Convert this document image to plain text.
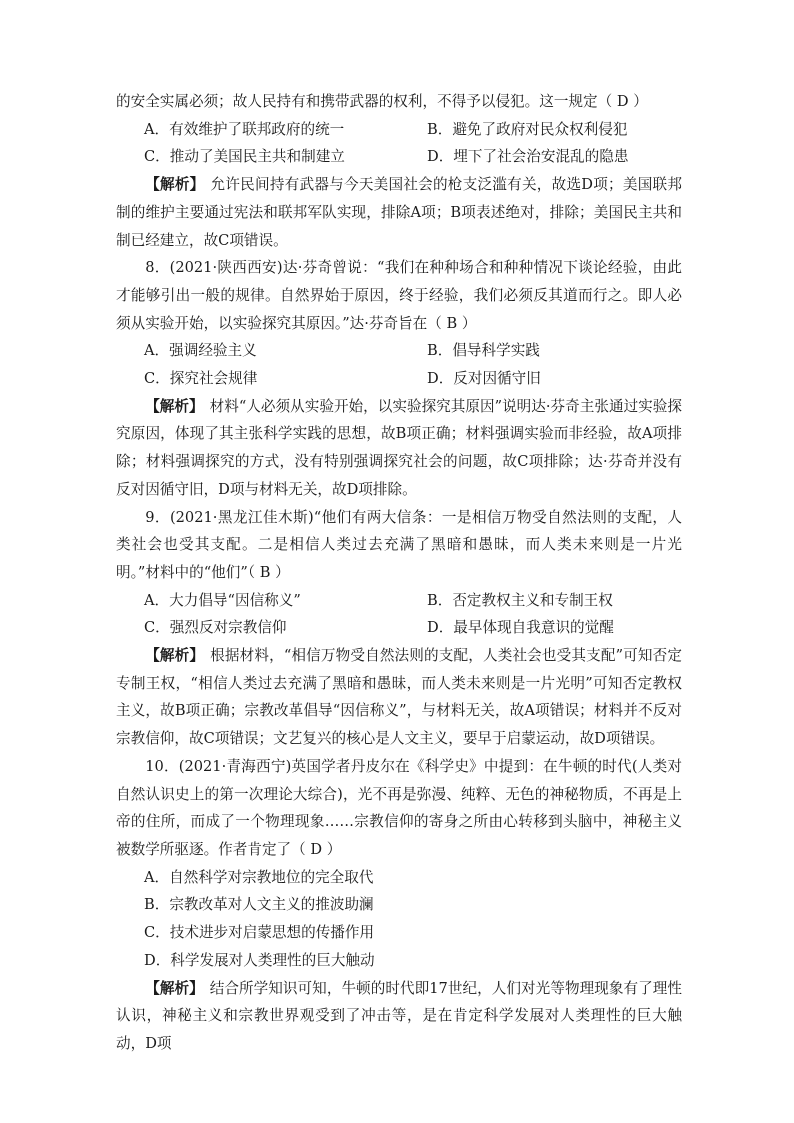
的安全实属必须；故人民持有和携带武器的权利，不得予以侵犯。这一规定（ D ）

A．有效维护了联邦政府的统一	B．避免了政府对民众权利侵犯
C．推动了美国民主共和制建立	D．埋下了社会治安混乱的隐患

【解析】 允许民间持有武器与今天美国社会的枪支泛滥有关，故选D项；美国联邦制的维护主要通过宪法和联邦军队实现，排除A项；B项表述绝对，排除；美国民主共和制已经建立，故C项错误。

8．(2021·陕西西安)达·芬奇曾说：“我们在种种场合和种种情况下谈论经验，由此才能够引出一般的规律。自然界始于原因，终于经验，我们必须反其道而行之。即人必须从实验开始，以实验探究其原因。”达·芬奇旨在（ B ）

A．强调经验主义	B．倡导科学实践
C．探究社会规律	D．反对因循守旧

【解析】 材料“人必须从实验开始，以实验探究其原因”说明达·芬奇主张通过实验探究原因，体现了其主张科学实践的思想，故B项正确；材料强调实验而非经验，故A项排除；材料强调探究的方式，没有特别强调探究社会的问题，故C项排除；达·芬奇并没有反对因循守旧，D项与材料无关，故D项排除。

9．(2021·黑龙江佳木斯)“他们有两大信条：一是相信万物受自然法则的支配，人类社会也受其支配。二是相信人类过去充满了黑暗和愚昧，而人类未来则是一片光明。”材料中的“他们”（ B ）

A．大力倡导“因信称义”	B．否定教权主义和专制王权
C．强烈反对宗教信仰	D．最早体现自我意识的觉醒

【解析】 根据材料，“相信万物受自然法则的支配，人类社会也受其支配”可知否定专制王权，“相信人类过去充满了黑暗和愚昧，而人类未来则是一片光明”可知否定教权主义，故B项正确；宗教改革倡导“因信称义”，与材料无关，故A项错误；材料并不反对宗教信仰，故C项错误；文艺复兴的核心是人文主义，要早于启蒙运动，故D项错误。

10．(2021·青海西宁)英国学者丹皮尔在《科学史》中提到：在牛顿的时代(人类对自然认识史上的第一次理论大综合)，光不再是弥漫、纯粹、无色的神秘物质，不再是上帝的住所，而成了一个物理现象……宗教信仰的寄身之所由心转移到头脑中，神秘主义被数学所驱逐。作者肯定了（ D ）

A．自然科学对宗教地位的完全取代
B．宗教改革对人文主义的推波助澜
C．技术进步对启蒙思想的传播作用
D．科学发展对人类理性的巨大触动

【解析】 结合所学知识可知，牛顿的时代即17世纪，人们对光等物理现象有了理性认识，神秘主义和宗教世界观受到了冲击等，是在肯定科学发展对人类理性的巨大触动，D项
